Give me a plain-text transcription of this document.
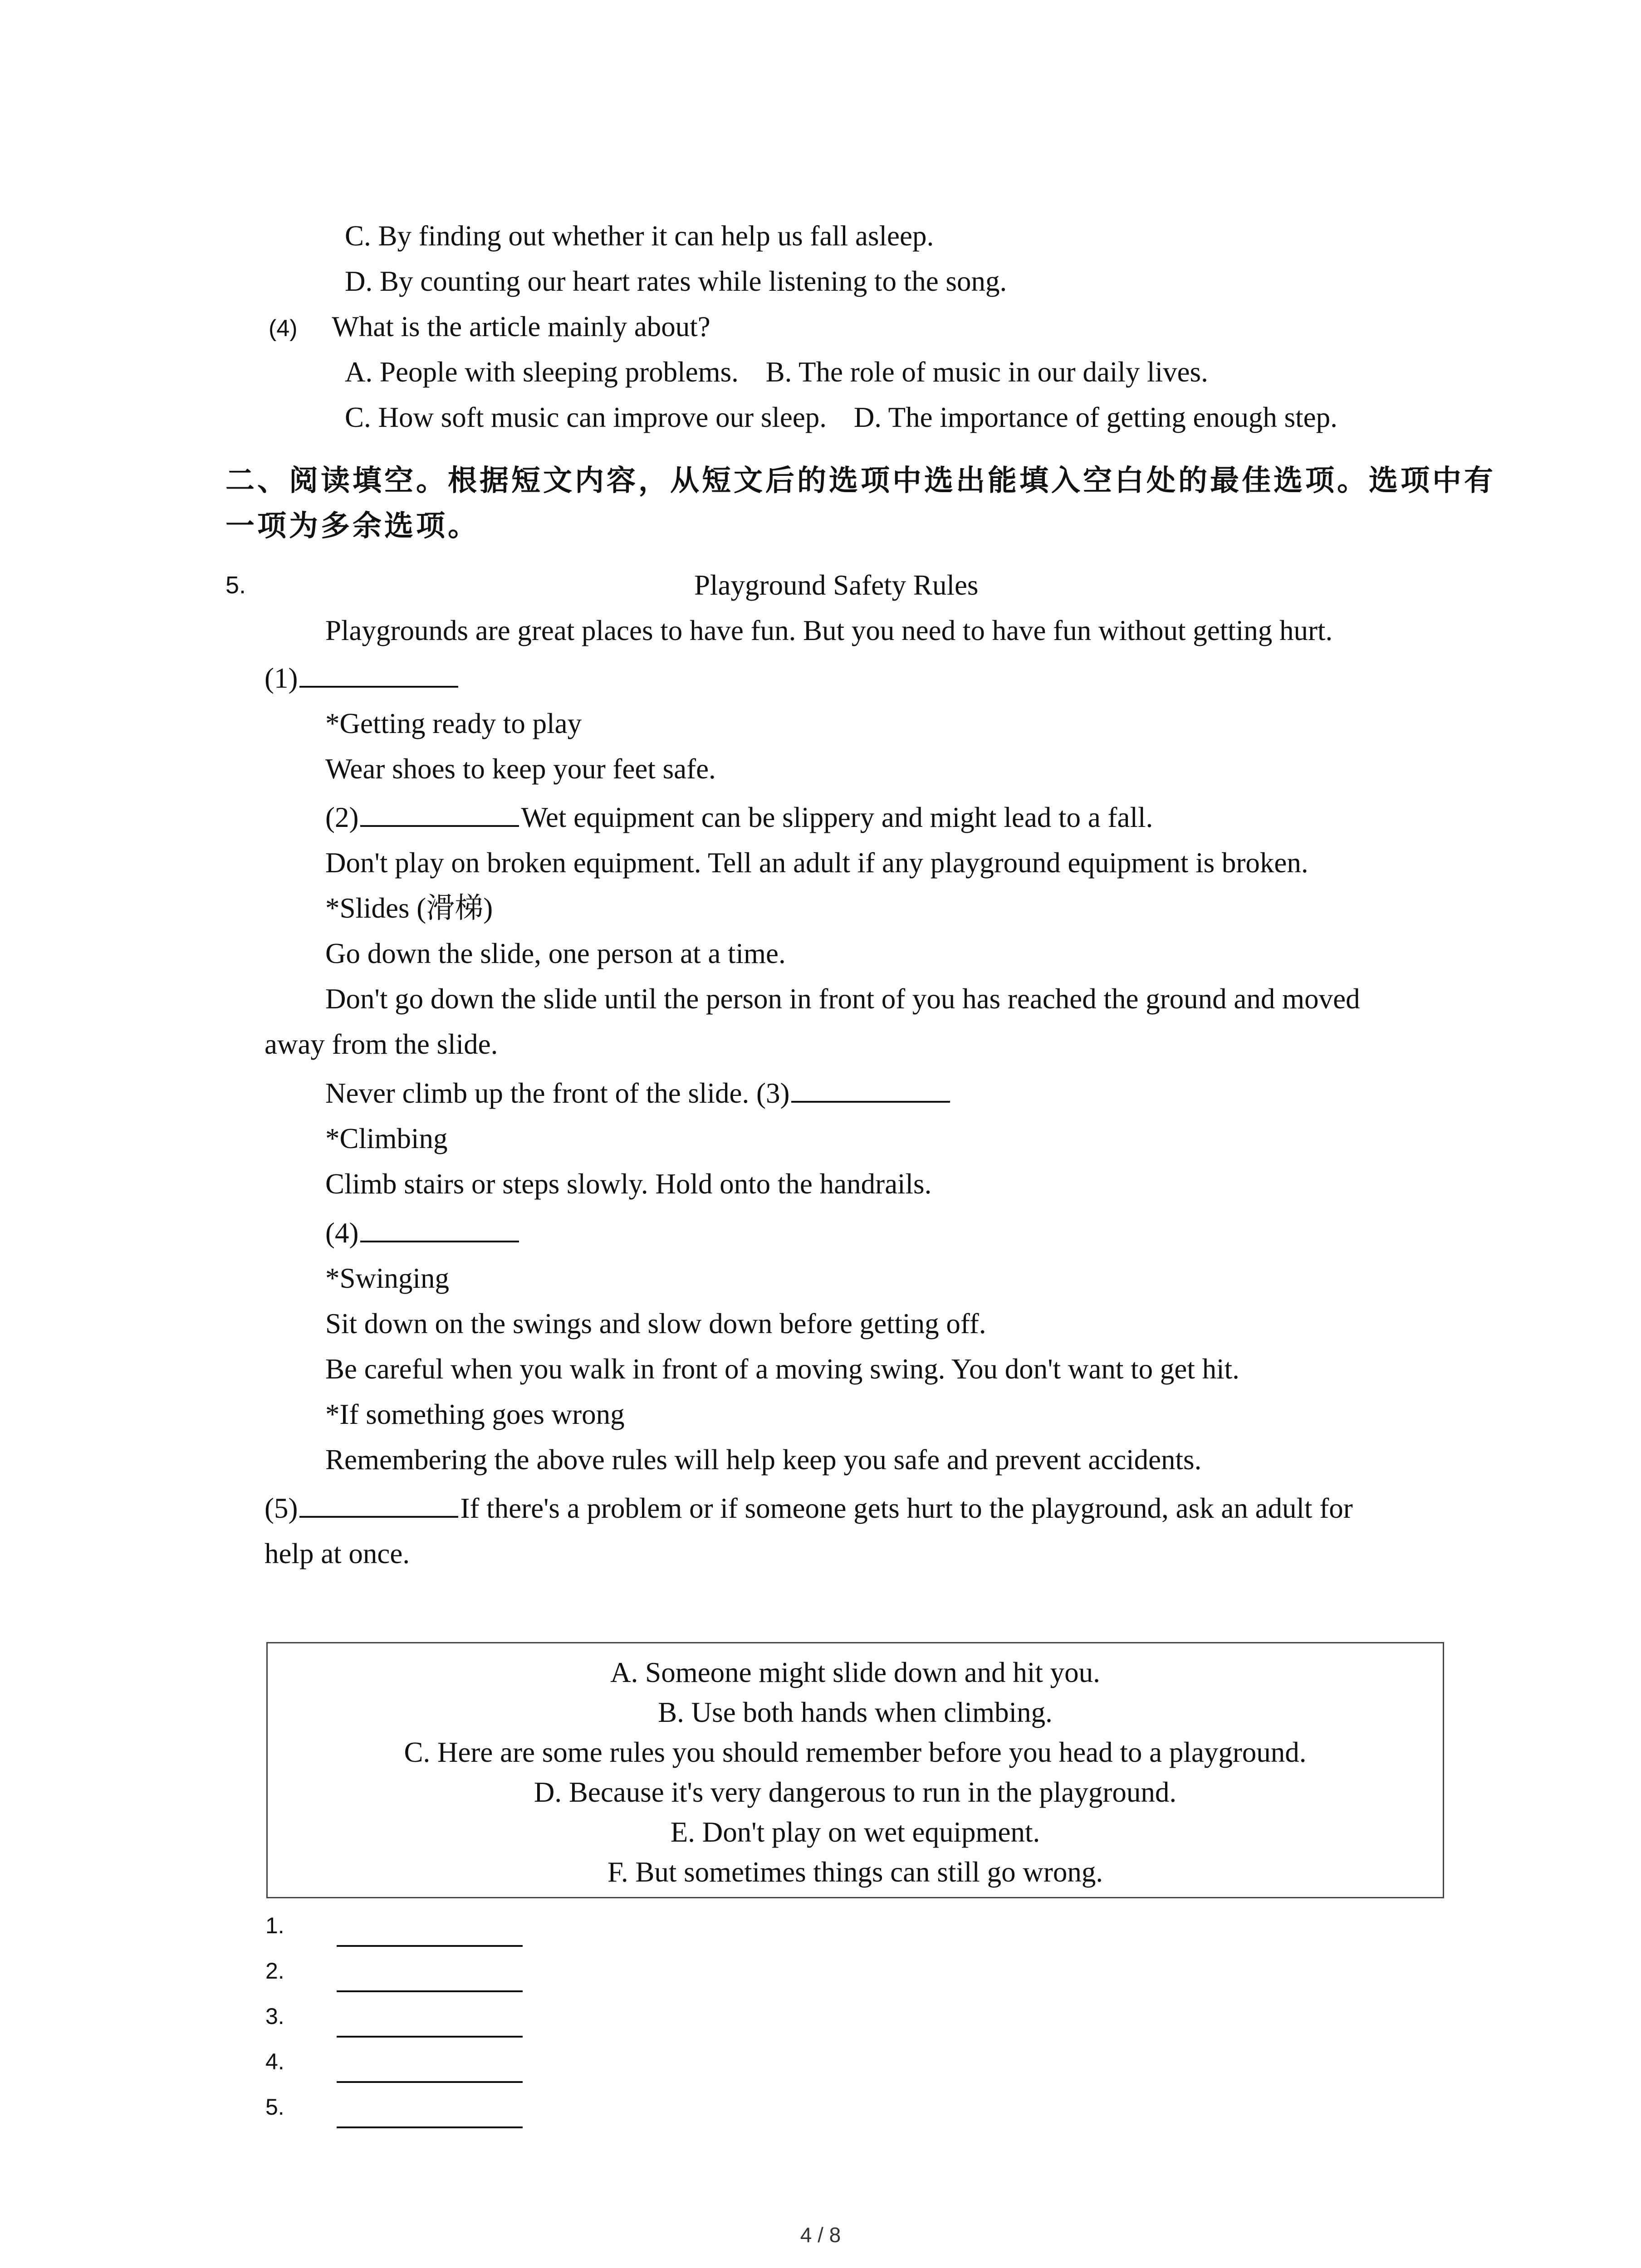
C. By finding out whether it can help us fall asleep.
D. By counting our heart rates while listening to the song.
(4) What is the article mainly about?
A. People with sleeping problems. B. The role of music in our daily lives.
C. How soft music can improve our sleep. D. The importance of getting enough step.
二、阅读填空。根据短文内容，从短文后的选项中选出能填入空白处的最佳选项。选项中有
一项为多余选项。
5.	Playground Safety Rules
Playgrounds are great places to have fun. But you need to have fun without getting hurt.
(1)
*Getting ready to play
Wear shoes to keep your feet safe.
(2)	Wet equipment can be slippery and might lead to a fall.
Don't play on broken equipment. Tell an adult if any playground equipment is broken.
*Slides (滑梯)
Go down the slide, one person at a time.
Don't go down the slide until the person in front of you has reached the ground and moved
away from the slide.
Never climb up the front of the slide. (3)
*Climbing
Climb stairs or steps slowly. Hold onto the handrails.
(4)
*Swinging
Sit down on the swings and slow down before getting off.
Be careful when you walk in front of a moving swing. You don't want to get hit.
*If something goes wrong
Remembering the above rules will help keep you safe and prevent accidents.
(5)	If there's a problem or if someone gets hurt to the playground, ask an adult for
help at once.
A. Someone might slide down and hit you.
B. Use both hands when climbing.
C. Here are some rules you should remember before you head to a playground.
D. Because it's very dangerous to run in the playground.
E. Don't play on wet equipment.
F. But sometimes things can still go wrong.
1.
2.
3.
4.
5.
4 / 8
